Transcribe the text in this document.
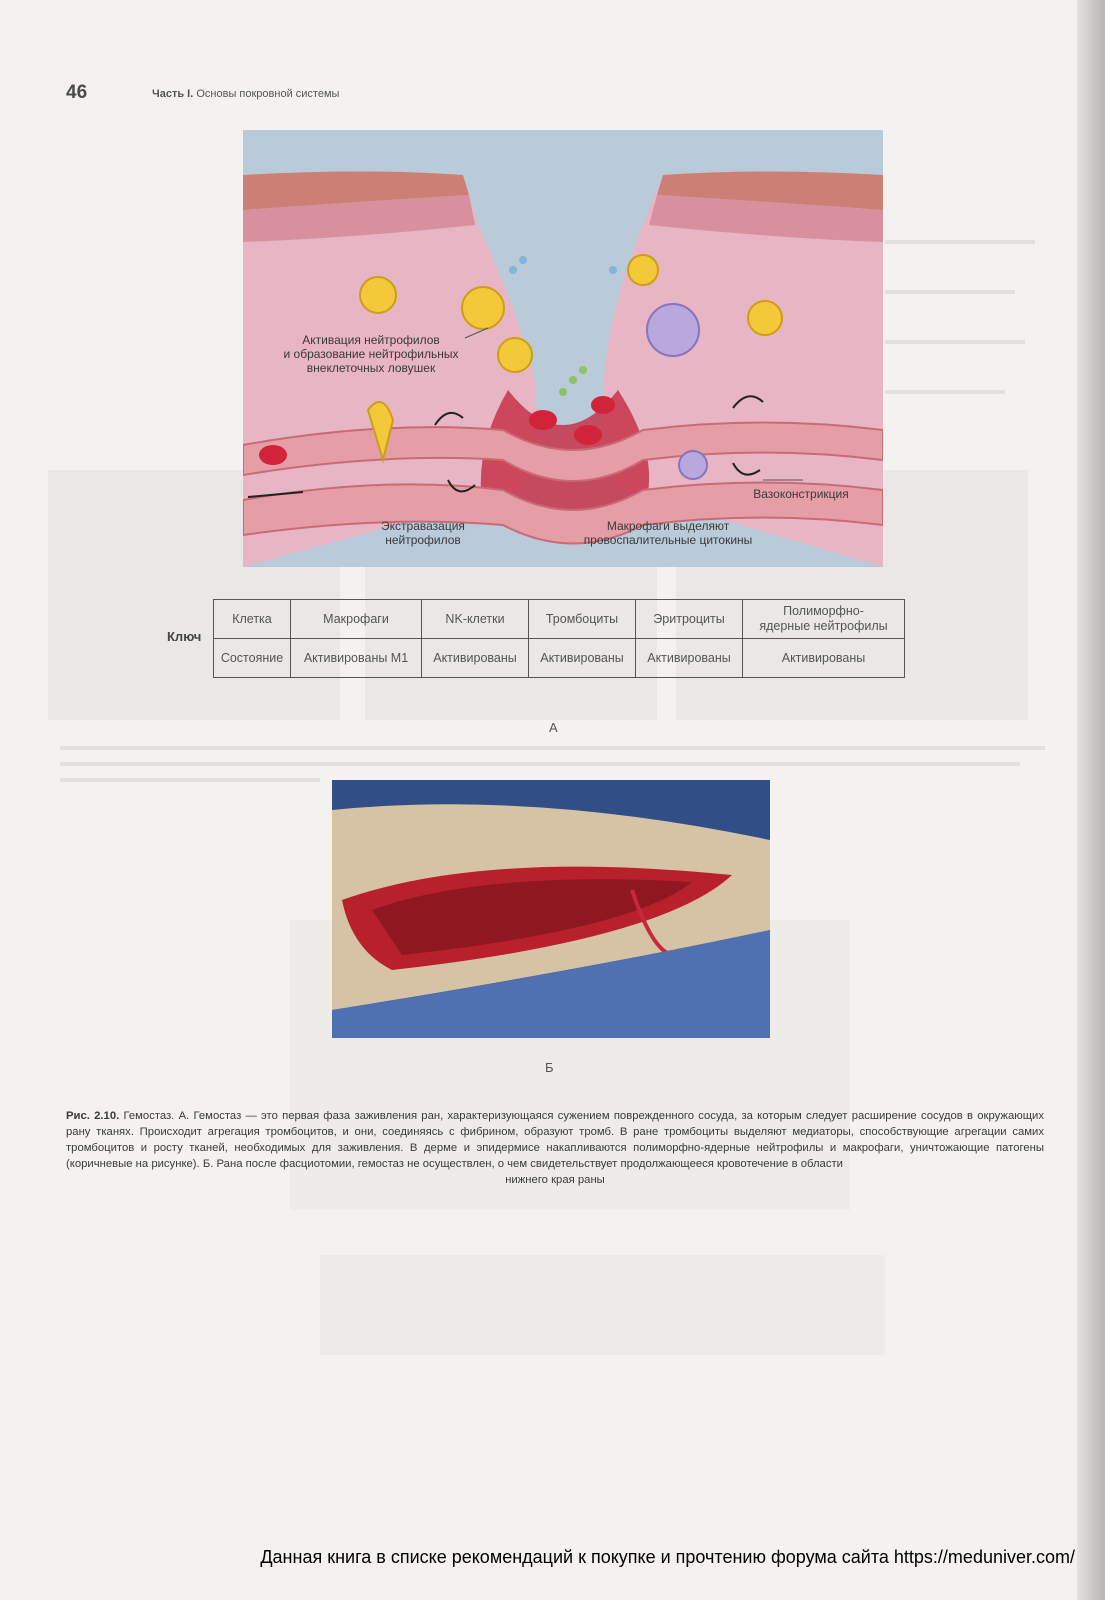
46	Часть I. Основы покровной системы
Активация нейтрофилов
и образование нейтрофильных
внеклеточных ловушек
Вазоконстрикция
Экстравазация
нейтрофилов
Макрофаги выделяют
провоспалительные цитокины
Ключ
Клетка	Макрофаги	NK-клетки	Тромбоциты	Эритроциты	Полиморфно-
ядерные нейтрофилы

Состояние	Активированы M1	Активированы	Активированы	Активированы	Активированы
А
Б
Рис. 2.10. Гемостаз. А. Гемостаз — это первая фаза заживления ран, характеризующаяся сужением поврежденного сосуда, за которым следует расширение сосудов в окружающих рану тканях. Происходит агрегация тромбоцитов, и они, соединяясь с фибрином, образуют тромб. В ране тромбоциты выделяют медиаторы, способствующие агрегации самих тромбоцитов и росту тканей, необходимых для заживления. В дерме и эпидермисе накапливаются полиморфно-ядерные нейтрофилы и макрофаги, уничтожающие патогены (коричневые на рисунке). Б. Рана после фасциотомии, гемостаз не осуществлен, о чем свидетельствует продолжающееся кровотечение в области
нижнего края раны
Данная книга в списке рекомендаций к покупке и прочтению форума сайта https://meduniver.com/
